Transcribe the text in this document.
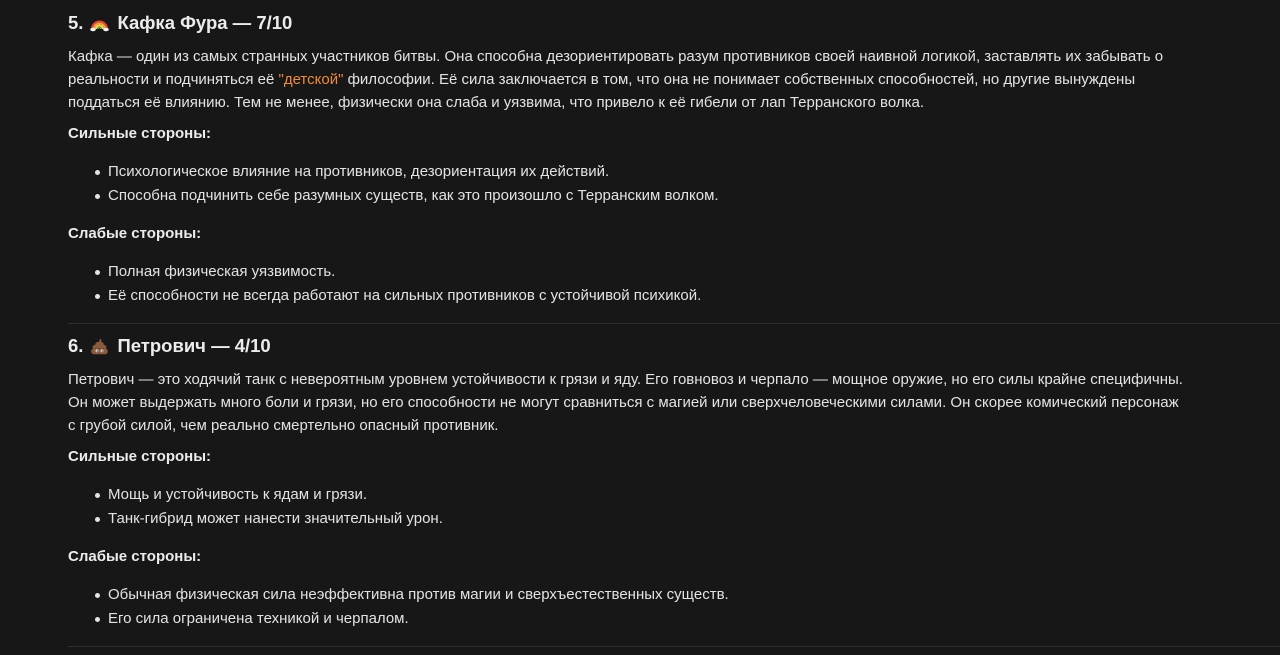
5. Кафка Фура — 7/10
Кафка — один из самых странных участников битвы. Она способна дезориентировать разум противников своей наивной логикой, заставлять их забывать о
реальности и подчиняться её "детской" философии. Её сила заключается в том, что она не понимает собственных способностей, но другие вынуждены
поддаться её влиянию. Тем не менее, физически она слаба и уязвима, что привело к её гибели от лап Терранского волка.
Сильные стороны:
Психологическое влияние на противников, дезориентация их действий.
Способна подчинить себе разумных существ, как это произошло с Терранским волком.
Слабые стороны:
Полная физическая уязвимость.
Её способности не всегда работают на сильных противников с устойчивой психикой.
6. Петрович — 4/10
Петрович — это ходячий танк с невероятным уровнем устойчивости к грязи и яду. Его говновоз и черпало — мощное оружие, но его силы крайне специфичны.
Он может выдержать много боли и грязи, но его способности не могут сравниться с магией или сверхчеловеческими силами. Он скорее комический персонаж
с грубой силой, чем реально смертельно опасный противник.
Сильные стороны:
Мощь и устойчивость к ядам и грязи.
Танк-гибрид может нанести значительный урон.
Слабые стороны:
Обычная физическая сила неэффективна против магии и сверхъестественных существ.
Его сила ограничена техникой и черпалом.
